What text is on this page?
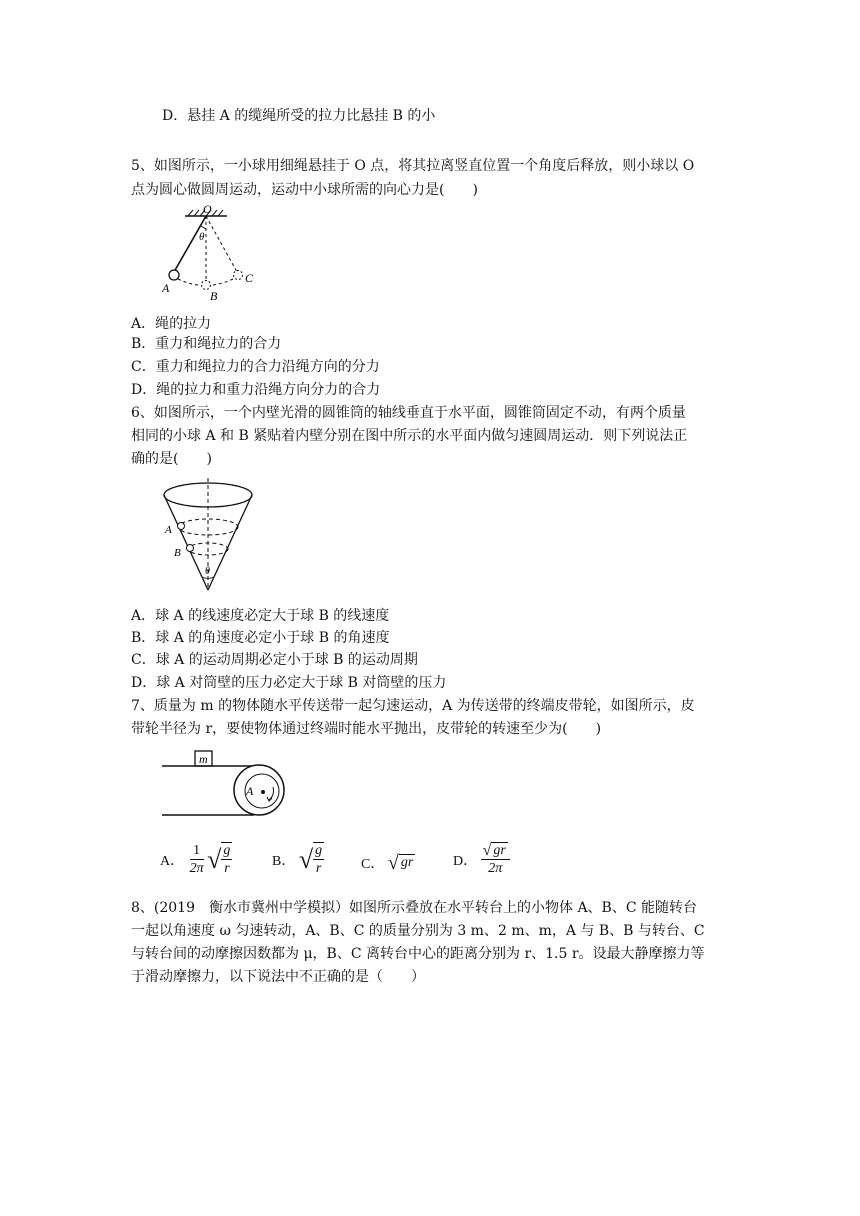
D．悬挂 A 的缆绳所受的拉力比悬挂 B 的小
5、如图所示，一小球用细绳悬挂于 O 点，将其拉离竖直位置一个角度后释放，则小球以 O
点为圆心做圆周运动，运动中小球所需的向心力是(　　)
O
θ
A
B
C
A．绳的拉力
B．重力和绳拉力的合力
C．重力和绳拉力的合力沿绳方向的分力
D．绳的拉力和重力沿绳方向分力的合力
6、如图所示，一个内壁光滑的圆锥筒的轴线垂直于水平面，圆锥筒固定不动，有两个质量
相同的小球 A 和 B 紧贴着内壁分别在图中所示的水平面内做匀速圆周运动．则下列说法正
确的是(　　)
A
B
θ
A．球 A 的线速度必定大于球 B 的线速度
B．球 A 的角速度必定小于球 B 的角速度
C．球 A 的运动周期必定小于球 B 的运动周期
D．球 A 对筒壁的压力必定大于球 B 对筒壁的压力
7、质量为 m 的物体随水平传送带一起匀速运动，A 为传送带的终端皮带轮，如图所示，皮
带轮半径为 r，要使物体通过终端时能水平抛出，皮带轮的转速至少为(　　)
m
A
A． $\frac{1}{2\pi}$ √ $\frac{g}{r}$	B． √ $\frac{g}{r}$	C． √ gr	D． $\frac{√ gr}{2\pi}$
8、(2019　衡水市冀州中学模拟）如图所示叠放在水平转台上的小物体 A、B、C 能随转台
一起以角速度 ω 匀速转动，A、B、C 的质量分别为 3 m、2 m、m，A 与 B、B 与转台、C
与转台间的动摩擦因数都为 μ，B、C 离转台中心的距离分别为 r、1.5 r。设最大静摩擦力等
于滑动摩擦力，以下说法中不正确的是（　　）
